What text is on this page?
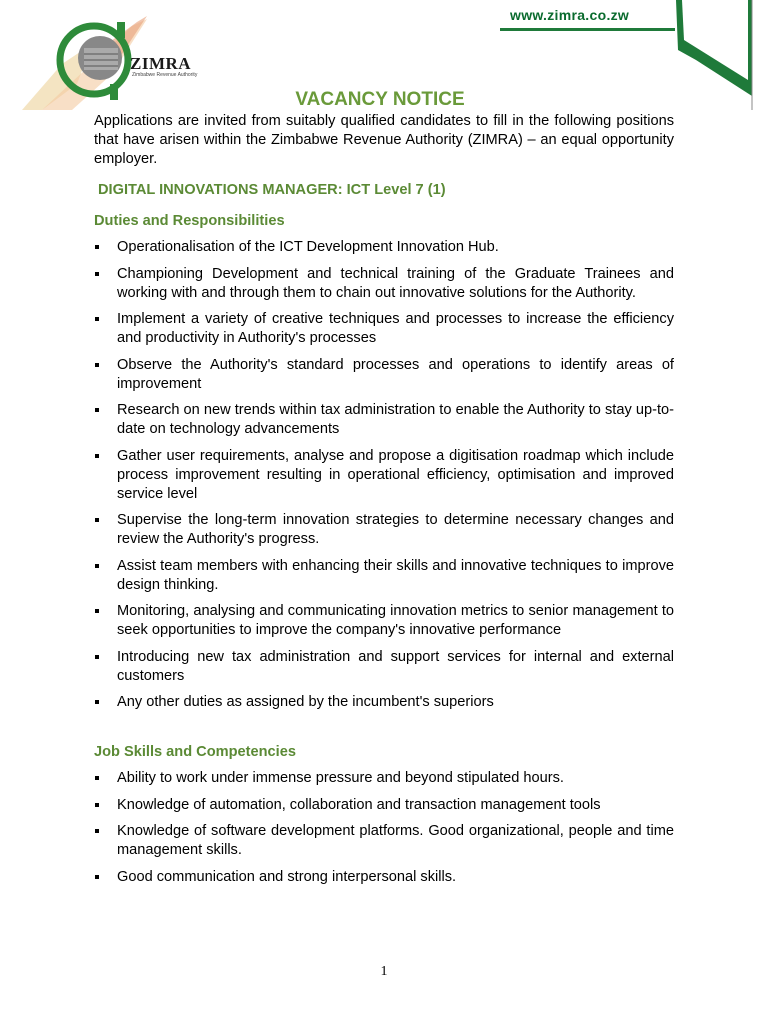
ZIMRA
Zimbabwe Revenue Authority
www.zimra.co.zw
VACANCY NOTICE

Applications are invited from suitably qualified candidates to fill in the following positions that have arisen within the Zimbabwe Revenue Authority (ZIMRA) – an equal opportunity employer.

DIGITAL INNOVATIONS MANAGER: ICT Level 7 (1)
Duties and Responsibilities
Operationalisation of the ICT Development Innovation Hub.
Championing Development and technical training of the Graduate Trainees and working with and through them to chain out innovative solutions for the Authority.
Implement a variety of creative techniques and processes to increase the efficiency and productivity in Authority's processes
Observe the Authority's standard processes and operations to identify areas of improvement
Research on new trends within tax administration to enable the Authority to stay up-to-date on technology advancements
Gather user requirements, analyse and propose a digitisation roadmap which include process improvement resulting in operational efficiency, optimisation and improved service level
Supervise the long-term innovation strategies to determine necessary changes and review the Authority's progress.
Assist team members with enhancing their skills and innovative techniques to improve design thinking.
Monitoring, analysing and communicating innovation metrics to senior management to seek opportunities to improve the company's innovative performance
Introducing new tax administration and support services for internal and external customers
Any other duties as assigned by the incumbent's superiors
Job Skills and Competencies
Ability to work under immense pressure and beyond stipulated hours.
Knowledge of automation, collaboration and transaction management tools
Knowledge of software development platforms. Good organizational, people and time management skills.
Good communication and strong interpersonal skills.
1
